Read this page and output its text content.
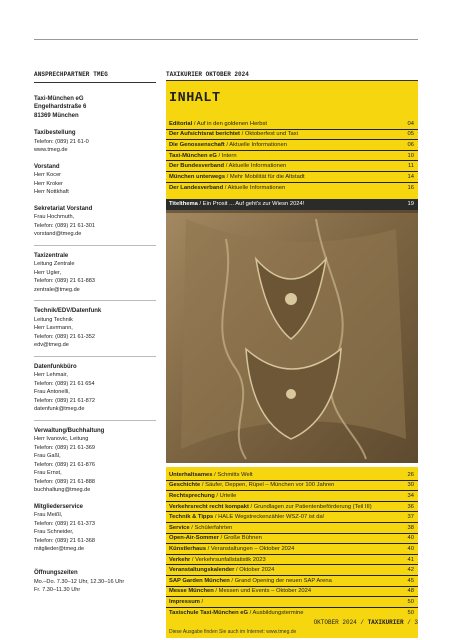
ANSPRECHPARTNER TMEG
Taxi-München eG
Engelhardstraße 6
81369 München
Taxibestellung
Telefon: (089) 21 61-0
www.tmeg.de
Vorstand
Herr Kocer
Herr Kroker
Herr Nottkhaft
Sekretariat Vorstand
Frau Hochmuth,
Telefon: (089) 21 61-301
vorstand@tmeg.de
Taxizentrale
Leitung Zentrale
Herr Ugler,
Telefon: (089) 21 61-883
zentrale@tmeg.de
Technik/EDV/Datenfunk
Leitung Technik
Herr Lavrmann,
Telefon: (089) 21 61-352
edv@tmeg.de
Datenfunkbüro
Herr Lehmair,
Telefon: (089) 21 61 654
Frau Antonelli,
Telefon: (089) 21 61-872
datenfunk@tmeg.de
Verwaltung/Buchhaltung
Herr Ivanovic, Leitung
Telefon: (089) 21 61-369
Frau Gaßl,
Telefon: (089) 21 61-876
Frau Ernst,
Telefon: (089) 21 61-888
buchhaltung@tmeg.de
Mitgliederservice
Frau Meißl,
Telefon: (089) 21 61-373
Frau Schneider,
Telefon: (089) 21 61-368
mitglieder@tmeg.de
Öffnungszeiten
Mo.–Do. 7.30–12 Uhr, 12.30–16 Uhr
Fr. 7.30–11.30 Uhr
TAXIKURIER OKTOBER 2024
INHALT
Editorial / Auf in den goldenen Herbst	04
Der Aufsichtsrat berichtet / Oktoberfest und Taxi	05
Die Genossenschaft / Aktuelle Informationen	06
Taxi-München eG / Intern	10
Der Bundesverband / Aktuelle Informationen	11
München unterwegs / Mehr Mobilität für die Altstadt	14
Der Landesverband / Aktuelle Informationen	16
Titelthema / Ein Prosit ... Auf geht's zur Wiesn 2024!	19
Unterhaltsames / Schmitts Welt	26
Geschichte / Säufer, Deppen, Rüpel – München vor 100 Jahren	30
Rechtsprechung / Urteile	34
Verkehrsrecht recht kompakt / Grundlagen zur Patientenbeförderung (Teil III)	36
Technik & Tipps / HALE Wegstreckenzähler WSZ-07 ist da!	37
Service / Schülerfahrten	38
Open-Air-Sommer / Große Bühnen	40
Künstlerhaus / Veranstaltungen – Oktober 2024	40
Verkehr / Verkehrsunfallstatistik 2023	41
Veranstaltungskalender / Oktober 2024	42
SAP Garden München / Grand Opening der neuen SAP Arena	45
Messe München / Messen und Events – Oktober 2024	48
Impressum /	50
Taxischule Taxi-München eG / Ausbildungstermine	50
Diese Ausgabe finden Sie auch im Internet: www.tmeg.de
OKTOBER 2024 / TAXIKURIER / 3
